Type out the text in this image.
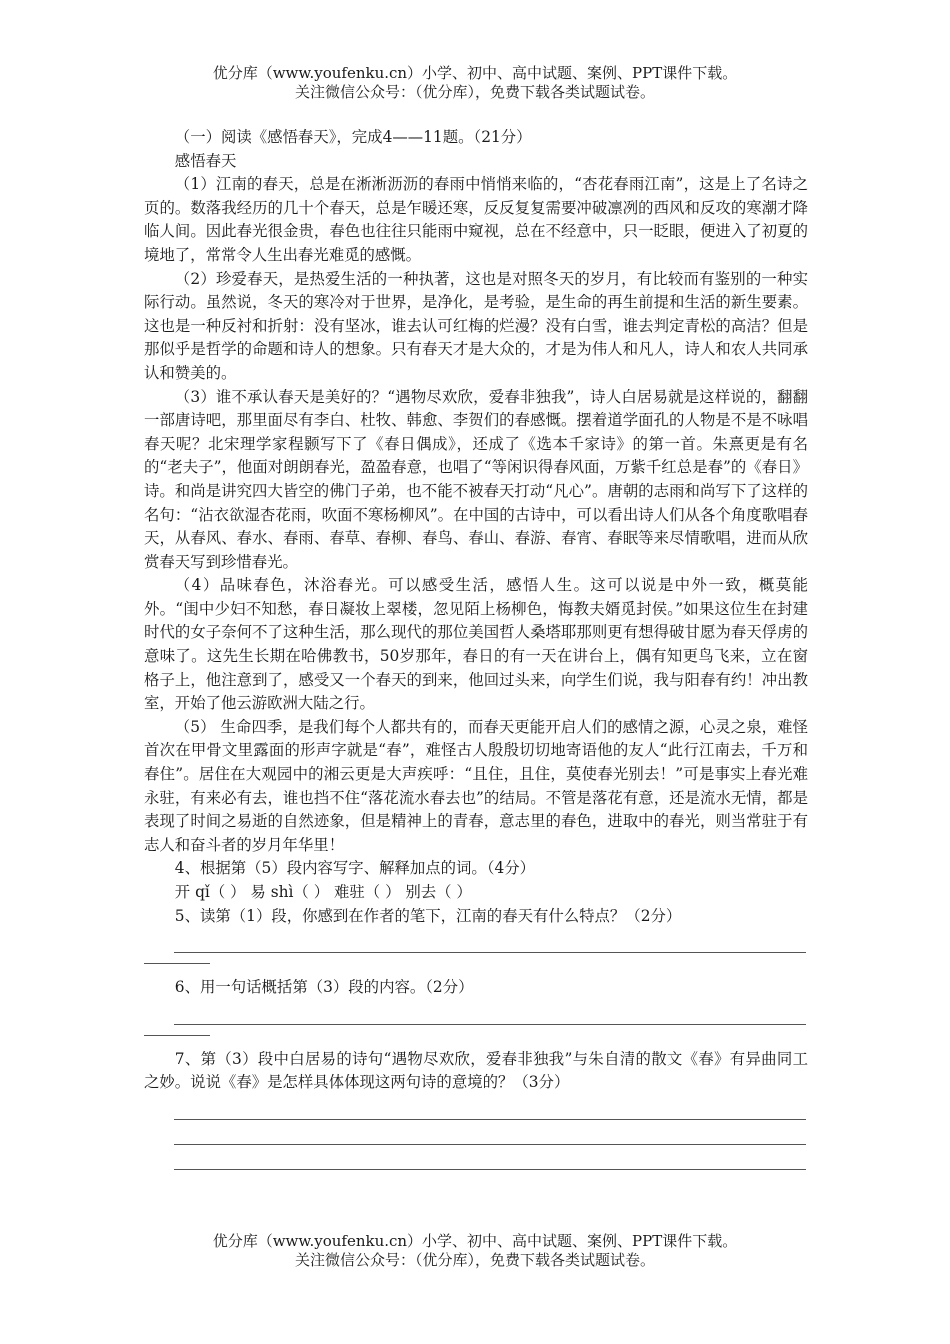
优分库（www.youfenku.cn）小学、初中、高中试题、案例、PPT课件下载。
关注微信公众号：（优分库），免费下载各类试题试卷。

（一）阅读《感悟春天》，完成4——11题。（21分）

感悟春天

（1）江南的春天，总是在淅淅沥沥的春雨中悄悄来临的，“杏花春雨江南”，这是上了名诗之页的。数落我经历的几十个春天，总是乍暖还寒，反反复复需要冲破凛冽的西风和反攻的寒潮才降临人间。因此春光很金贵，春色也往往只能雨中窥视，总在不经意中，只一眨眼，便进入了初夏的境地了，常常令人生出春光难觅的感慨。

（2）珍爱春天，是热爱生活的一种执著，这也是对照冬天的岁月，有比较而有鉴别的一种实际行动。虽然说，冬天的寒冷对于世界，是净化，是考验，是生命的再生前提和生活的新生要素。这也是一种反衬和折射：没有坚冰，谁去认可红梅的烂漫？没有白雪，谁去判定青松的高洁？但是那似乎是哲学的命题和诗人的想象。只有春天才是大众的，才是为伟人和凡人，诗人和农人共同承认和赞美的。

（3）谁不承认春天是美好的？“遇物尽欢欣，爱春非独我”，诗人白居易就是这样说的，翻翻一部唐诗吧，那里面尽有李白、杜牧、韩愈、李贺们的春感慨。摆着道学面孔的人物是不是不咏唱春天呢？北宋理学家程颢写下了《春日偶成》，还成了《选本千家诗》的第一首。朱熹更是有名的“老夫子”，他面对朗朗春光，盈盈春意，也唱了“等闲识得春风面，万紫千红总是春”的《春日》诗。和尚是讲究四大皆空的佛门子弟，也不能不被春天打动“凡心”。唐朝的志雨和尚写下了这样的名句：“沾衣欲湿杏花雨，吹面不寒杨柳风”。在中国的古诗中，可以看出诗人们从各个角度歌唱春天，从春风、春水、春雨、春草、春柳、春鸟、春山、春游、春宵、春眠等来尽情歌唱，进而从欣赏春天写到珍惜春光。

（4）品味春色，沐浴春光。可以感受生活，感悟人生。这可以说是中外一致，概莫能外。“闺中少妇不知愁，春日凝妆上翠楼，忽见陌上杨柳色，悔教夫婿觅封侯。”如果这位生在封建时代的女子奈何不了这种生活，那么现代的那位美国哲人桑塔耶那则更有想得破甘愿为春天俘虏的意味了。这先生长期在哈佛教书，50岁那年，春日的有一天在讲台上，偶有知更鸟飞来，立在窗格子上，他注意到了，感受又一个春天的到来，他回过头来，向学生们说，我与阳春有约！冲出教室，开始了他云游欧洲大陆之行。

（5） 生命四季，是我们每个人都共有的，而春天更能开启人们的感情之源，心灵之泉，难怪首次在甲骨文里露面的形声字就是“春”，难怪古人殷殷切切地寄语他的友人“此行江南去，千万和春住”。居住在大观园中的湘云更是大声疾呼：“且住，且住，莫使春光别去！”可是事实上春光难永驻，有来必有去，谁也挡不住“落花流水春去也”的结局。不管是落花有意，还是流水无情，都是表现了时间之易逝的自然迹象，但是精神上的青春，意志里的春色，进取中的春光，则当常驻于有志人和奋斗者的岁月年华里！

4、根据第（5）段内容写字、解释加点的词。（4分）

开 qǐ（ ） 易 shì（ ） 难驻（ ） 别去（ ）

5、读第（1）段，你感到在作者的笔下，江南的春天有什么特点？（2分）

6、用一句话概括第（3）段的内容。（2分）

7、第（3）段中白居易的诗句“遇物尽欢欣，爱春非独我”与朱自清的散文《春》有异曲同工之妙。说说《春》是怎样具体体现这两句诗的意境的？（3分）

优分库（www.youfenku.cn）小学、初中、高中试题、案例、PPT课件下载。
关注微信公众号：（优分库），免费下载各类试题试卷。
